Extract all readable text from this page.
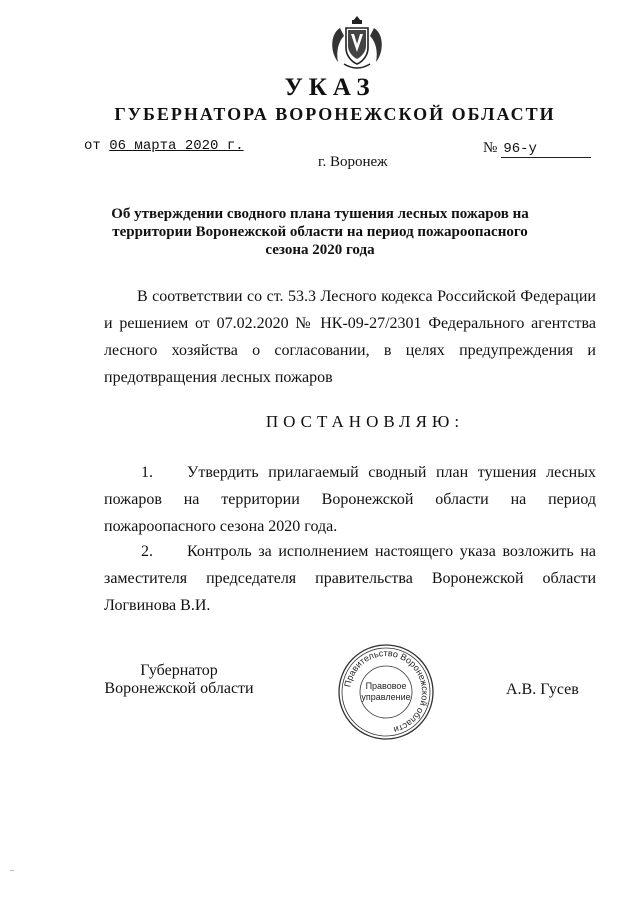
УКАЗ
ГУБЕРНАТОРА ВОРОНЕЖСКОЙ ОБЛАСТИ
от 06 марта 2020 г.	№ 96-у
г. Воронеж
Об утверждении сводного плана тушения лесных пожаров на территории Воронежской области на период пожароопасного сезона 2020 года
В соответствии со ст. 53.3 Лесного кодекса Российской Федерации и решением от 07.02.2020 № НК-09-27/2301 Федерального агентства лесного хозяйства о согласовании, в целях предупреждения и предотвращения лесных пожаров
ПОСТАНОВЛЯЮ:
1. Утвердить прилагаемый сводный план тушения лесных пожаров на территории Воронежской области на период пожароопасного сезона 2020 года.
2. Контроль за исполнением настоящего указа возложить на заместителя председателя правительства Воронежской области Логвинова В.И.
Губернатор
Воронежской области	Правительство Воронежской области
Правовое
управление	А.В. Гусев
